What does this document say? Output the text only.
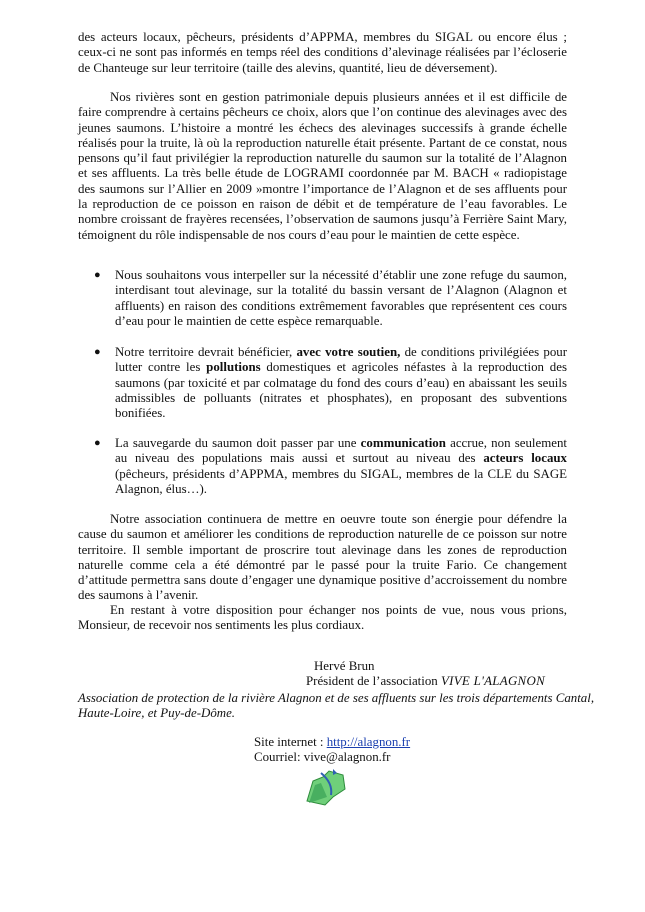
des acteurs locaux, pêcheurs, présidents d’APPMA, membres du SIGAL ou encore élus ; ceux-ci ne sont pas informés en temps réel des conditions d’alevinage réalisées par l’écloserie de Chanteuge sur leur territoire (taille des alevins, quantité, lieu de déversement).

Nos rivières sont en gestion patrimoniale depuis plusieurs années et il est difficile de faire comprendre à certains pêcheurs ce choix, alors que l’on continue des alevinages avec des jeunes saumons. L’histoire a montré les échecs des alevinages successifs à grande échelle réalisés pour la truite, là où la reproduction naturelle était présente. Partant de ce constat, nous pensons qu’il faut privilégier la reproduction naturelle du saumon sur la totalité de l’Alagnon et ses affluents. La très belle étude de LOGRAMI coordonnée par M. BACH « radiopistage des saumons sur l’Allier en 2009 »montre l’importance de l’Alagnon et de ses affluents pour la reproduction de ce poisson en raison de débit et de température de l’eau favorables. Le nombre croissant de frayères recensées, l’observation de saumons jusqu’à Ferrière Saint Mary, témoignent du rôle indispensable de nos cours d’eau pour le maintien de cette espèce.

● Nous souhaitons vous interpeller sur la nécessité d’établir une zone refuge du saumon, interdisant tout alevinage, sur la totalité du bassin versant de l’Alagnon (Alagnon et affluents) en raison des conditions extrêmement favorables que représentent ces cours d’eau pour le maintien de cette espèce remarquable.
● Notre territoire devrait bénéficier, avec votre soutien, de conditions privilégiées pour lutter contre les pollutions domestiques et agricoles néfastes à la reproduction des saumons (par toxicité et par colmatage du fond des cours d’eau) en abaissant les seuils admissibles de polluants (nitrates et phosphates), en proposant des subventions bonifiées.
● La sauvegarde du saumon doit passer par une communication accrue, non seulement au niveau des populations mais aussi et surtout au niveau des acteurs locaux (pêcheurs, présidents d’APPMA, membres du SIGAL, membres de la CLE du SAGE Alagnon, élus…).

Notre association continuera de mettre en oeuvre toute son énergie pour défendre la cause du saumon et améliorer les conditions de reproduction naturelle de ce poisson sur notre territoire. Il semble important de proscrire tout alevinage dans les zones de reproduction naturelle comme cela a été démontré par le passé pour la truite Fario. Ce changement d’attitude permettra sans doute d’engager une dynamique positive d’accroissement du nombre des saumons à l’avenir.

En restant à votre disposition pour échanger nos points de vue, nous vous prions, Monsieur, de recevoir nos sentiments les plus cordiaux.

Hervé Brun
Président de l’association VIVE L'ALAGNON

Association de protection de la rivière Alagnon et de ses affluents sur les trois départements Cantal, Haute-Loire, et Puy-de-Dôme.

Site internet : http://alagnon.fr
Courriel: vive@alagnon.fr
